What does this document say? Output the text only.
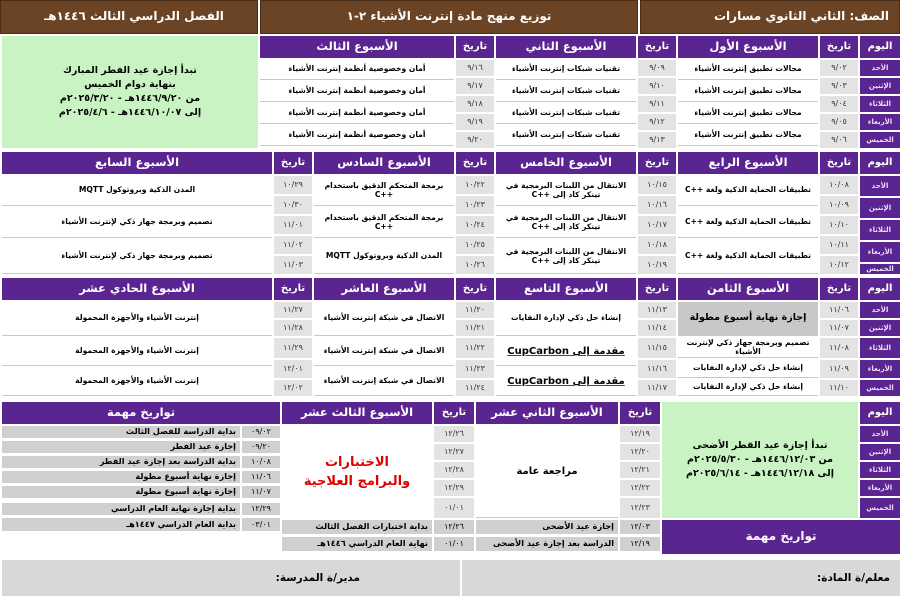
الصف: الثاني الثانوي مسارات
توزيع منهج مادة إنترنت الأشياء ٢-١
الفصل الدراسي الثالث ١٤٤٦هـ
اليوم
الأحد
الإثنين
الثلاثاء
الأربعاء
الخميس
تاريخ
الأسبوع الأول
٩/٠٢
٩/٠٣
٩/٠٤
٩/٠٥
٩/٠٦
مجالات تطبيق إنترنت الأشياء
مجالات تطبيق إنترنت الأشياء
مجالات تطبيق إنترنت الأشياء
مجالات تطبيق إنترنت الأشياء
تاريخ
الأسبوع الثاني
٩/٠٩
٩/١٠
٩/١١
٩/١٢
٩/١٣
تقنيات شبكات إنترنت الأشياء
تقنيات شبكات إنترنت الأشياء
تقنيات شبكات إنترنت الأشياء
تقنيات شبكات إنترنت الأشياء
تاريخ
الأسبوع الثالث
٩/١٦
٩/١٧
٩/١٨
٩/١٩
٩/٢٠
أمان وخصوصية أنظمة إنترنت الأشياء
أمان وخصوصية أنظمة إنترنت الأشياء
أمان وخصوصية أنظمة إنترنت الأشياء
أمان وخصوصية أنظمة إنترنت الأشياء
تبدأ إجازة عيد الفطر المبارك
بنهاية دوام الخميس
من ١٤٤٦/٩/٢٠هـ - ٢٠٢٥/٣/٢٠م
إلى ١٤٤٦/١٠/٠٧هـ - ٢٠٢٥/٤/٦م
اليوم
الأحد
الإثنين
الثلاثاء
الأربعاء
الخميس
تاريخ
الأسبوع الرابع
١٠/٠٨
١٠/٠٩
١٠/١٠
١٠/١١
١٠/١٢
تطبيقات الحماية الذكية ولغة ++C
تطبيقات الحماية الذكية ولغة ++C
تطبيقات الحماية الذكية ولغة ++C
تاريخ
الأسبوع الخامس
١٠/١٥
١٠/١٦
١٠/١٧
١٠/١٨
١٠/١٩
الانتقال من اللبنات البرمجية في تينكر كاد إلى ++C
الانتقال من اللبنات البرمجية في تينكر كاد إلى ++C
الانتقال من اللبنات البرمجية في تينكر كاد إلى ++C
تاريخ
الأسبوع السادس
١٠/٢٢
١٠/٢٣
١٠/٢٤
١٠/٢٥
١٠/٢٦
برمجة المتحكم الدقيق باستخدام ++C
برمجة المتحكم الدقيق باستخدام ++C
المدن الذكية وبروتوكول MQTT
تاريخ
الأسبوع السابع
١٠/٢٩
١٠/٣٠
١١/٠١
١١/٠٢
١١/٠٣
المدن الذكية وبروتوكول MQTT
تصميم وبرمجة جهاز ذكي لإنترنت الأشياء
تصميم وبرمجة جهاز ذكي لإنترنت الأشياء
اليوم
الأحد
الإثنين
الثلاثاء
الأربعاء
الخميس
تاريخ
الأسبوع الثامن
١١/٠٦
١١/٠٧
١١/٠٨
١١/٠٩
١١/١٠
إجازة نهاية أسبوع مطولة
تصميم وبرمجة جهاز ذكي لإنترنت الأشياء
إنشاء حل ذكي لإدارة النفايات
إنشاء حل ذكي لإدارة النفايات
تاريخ
الأسبوع التاسع
١١/١٣
١١/١٤
١١/١٥
١١/١٦
١١/١٧
إنشاء حل ذكي لإدارة النفايات
مقدمة إلى CupCarbon
مقدمة إلى CupCarbon
تاريخ
الأسبوع العاشر
١١/٢٠
١١/٢١
١١/٢٢
١١/٢٣
١١/٢٤
الاتصال في شبكة إنترنت الأشياء
الاتصال في شبكة إنترنت الأشياء
الاتصال في شبكة إنترنت الأشياء
تاريخ
الأسبوع الحادي عشر
١١/٢٧
١١/٢٨
١١/٢٩
١٢/٠١
١٢/٠٢
إنترنت الأشياء والأجهزة المحمولة
إنترنت الأشياء والأجهزة المحمولة
إنترنت الأشياء والأجهزة المحمولة
اليوم
الأحد
الإثنين
الثلاثاء
الأربعاء
الخميس
تبدأ إجازة عيد القطر الأضحى
من ١٤٤٦/١٢/٠٣هـ - ٢٠٢٥/٥/٣٠م
إلى ١٤٤٦/١٢/١٨هـ - ٢٠٢٥/٦/١٤م
تاريخ
الأسبوع الثاني عشر
١٢/١٩
١٢/٢٠
١٢/٢١
١٢/٢٢
١٢/٢٣
مراجعة عامة
تاريخ
الأسبوع الثالث عشر
١٢/٢٦
١٢/٢٧
١٢/٢٨
١٢/٢٩
٠١/٠١
الاختبارات والبرامج العلاجية
تواريخ مهمة
٠٩/٠٢
بداية الدراسة للفصل الثالث
٠٩/٢٠
إجازة عيد الفطر
١٠/٠٨
بداية الدراسة بعد إجازة عيد الفطر
١١/٠٦
إجازة نهاية أسبوع مطولة
١١/٠٧
إجازة نهاية أسبوع مطولة
١٢/٢٩
بداية إجازة نهاية العام الدراسي
٠٣/٠١
بداية العام الدراسي ١٤٤٧هـ	١٢/٠٣
إجازة عيد الأضحى
١٢/١٩
الدراسة بعد إجازة عيد الأضحى
١٢/٢٦
بداية اختبارات الفصل الثالث
٠١/٠١
نهاية العام الدراسي ١٤٤٦هـ
تواريخ مهمة
معلم/ة المادة:
مدير/ة المدرسة:
